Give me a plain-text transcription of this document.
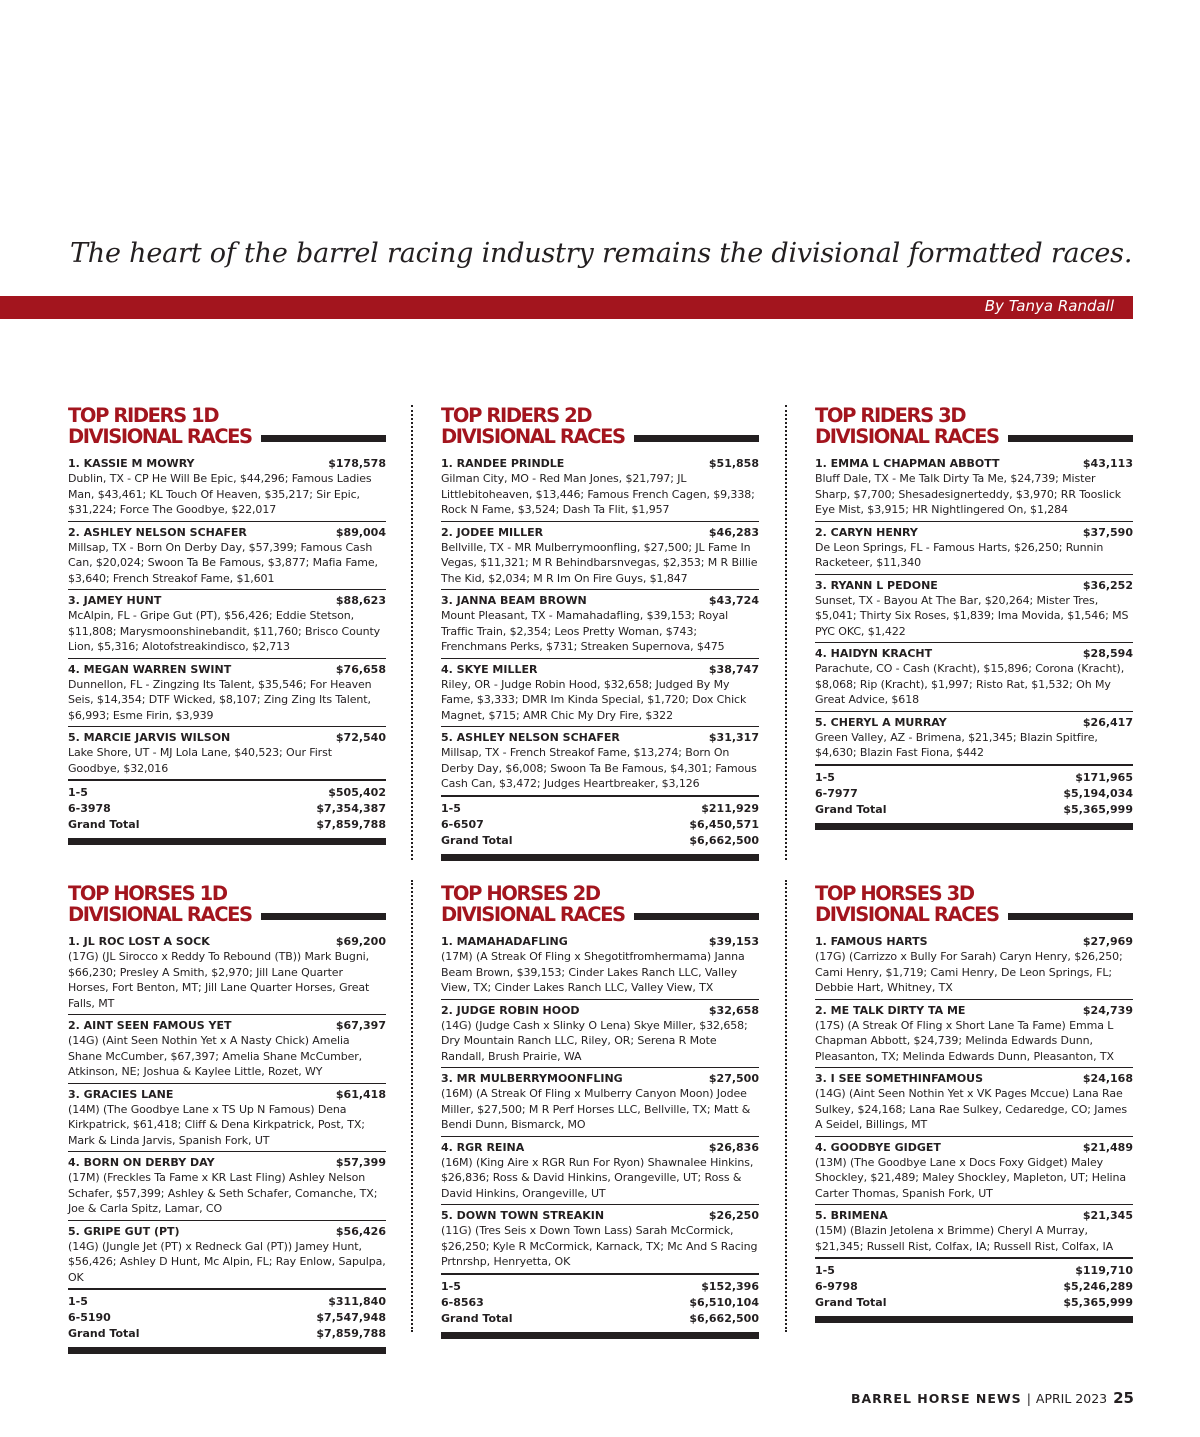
The heart of the barrel racing industry remains the divisional formatted races.
By Tanya Randall
TOP RIDERS 1D
DIVISIONAL RACES
1. KASSIE M MOWRY	$178,578
Dublin, TX - CP He Will Be Epic, $44,296; Famous Ladies Man, $43,461; KL Touch Of Heaven, $35,217; Sir Epic, $31,224; Force The Goodbye, $22,017
2. ASHLEY NELSON SCHAFER	$89,004
Millsap, TX - Born On Derby Day, $57,399; Famous Cash Can, $20,024; Swoon Ta Be Famous, $3,877; Mafia Fame, $3,640; French Streakof Fame, $1,601
3. JAMEY HUNT	$88,623
McAlpin, FL - Gripe Gut (PT), $56,426; Eddie Stetson, $11,808; Marysmoonshinebandit, $11,760; Brisco County Lion, $5,316; Alotofstreakindisco, $2,713
4. MEGAN WARREN SWINT	$76,658
Dunnellon, FL - Zingzing Its Talent, $35,546; For Heaven Seis, $14,354; DTF Wicked, $8,107; Zing Zing Its Talent, $6,993; Esme Firin, $3,939
5. MARCIE JARVIS WILSON	$72,540
Lake Shore, UT - MJ Lola Lane, $40,523; Our First Goodbye, $32,016
1-5	$505,402
6-3978	$7,354,387
Grand Total	$7,859,788
TOP RIDERS 2D
DIVISIONAL RACES
1. RANDEE PRINDLE	$51,858
Gilman City, MO - Red Man Jones, $21,797; JL Littlebitoheaven, $13,446; Famous French Cagen, $9,338; Rock N Fame, $3,524; Dash Ta Flit, $1,957
2. JODEE MILLER	$46,283
Bellville, TX - MR Mulberrymoonfling, $27,500; JL Fame In Vegas, $11,321; M R Behindbarsnvegas, $2,353; M R Billie The Kid, $2,034; M R Im On Fire Guys, $1,847
3. JANNA BEAM BROWN	$43,724
Mount Pleasant, TX - Mamahadafling, $39,153; Royal Traffic Train, $2,354; Leos Pretty Woman, $743; Frenchmans Perks, $731; Streaken Supernova, $475
4. SKYE MILLER	$38,747
Riley, OR - Judge Robin Hood, $32,658; Judged By My Fame, $3,333; DMR Im Kinda Special, $1,720; Dox Chick Magnet, $715; AMR Chic My Dry Fire, $322
5. ASHLEY NELSON SCHAFER	$31,317
Millsap, TX - French Streakof Fame, $13,274; Born On Derby Day, $6,008; Swoon Ta Be Famous, $4,301; Famous Cash Can, $3,472; Judges Heartbreaker, $3,126
1-5	$211,929
6-6507	$6,450,571
Grand Total	$6,662,500
TOP RIDERS 3D
DIVISIONAL RACES
1. EMMA L CHAPMAN ABBOTT	$43,113
Bluff Dale, TX - Me Talk Dirty Ta Me, $24,739; Mister Sharp, $7,700; Shesadesignerteddy, $3,970; RR Tooslick Eye Mist, $3,915; HR Nightlingered On, $1,284
2. CARYN HENRY	$37,590
De Leon Springs, FL - Famous Harts, $26,250; Runnin Racketeer, $11,340
3. RYANN L PEDONE	$36,252
Sunset, TX - Bayou At The Bar, $20,264; Mister Tres, $5,041; Thirty Six Roses, $1,839; Ima Movida, $1,546; MS PYC OKC, $1,422
4. HAIDYN KRACHT	$28,594
Parachute, CO - Cash (Kracht), $15,896; Corona (Kracht), $8,068; Rip (Kracht), $1,997; Risto Rat, $1,532; Oh My Great Advice, $618
5. CHERYL A MURRAY	$26,417
Green Valley, AZ - Brimena, $21,345; Blazin Spitfire, $4,630; Blazin Fast Fiona, $442
1-5	$171,965
6-7977	$5,194,034
Grand Total	$5,365,999
TOP HORSES 1D
DIVISIONAL RACES
1. JL ROC LOST A SOCK	$69,200
(17G) (JL Sirocco x Reddy To Rebound (TB)) Mark Bugni, $66,230; Presley A Smith, $2,970; Jill Lane Quarter Horses, Fort Benton, MT; Jill Lane Quarter Horses, Great Falls, MT
2. AINT SEEN FAMOUS YET	$67,397
(14G) (Aint Seen Nothin Yet x A Nasty Chick) Amelia Shane McCumber, $67,397; Amelia Shane McCumber, Atkinson, NE; Joshua & Kaylee Little, Rozet, WY
3. GRACIES LANE	$61,418
(14M) (The Goodbye Lane x TS Up N Famous) Dena Kirkpatrick, $61,418; Cliff & Dena Kirkpatrick, Post, TX; Mark & Linda Jarvis, Spanish Fork, UT
4. BORN ON DERBY DAY	$57,399
(17M) (Freckles Ta Fame x KR Last Fling) Ashley Nelson Schafer, $57,399; Ashley & Seth Schafer, Comanche, TX; Joe & Carla Spitz, Lamar, CO
5. GRIPE GUT (PT)	$56,426
(14G) (Jungle Jet (PT) x Redneck Gal (PT)) Jamey Hunt, $56,426; Ashley D Hunt, Mc Alpin, FL; Ray Enlow, Sapulpa, OK
1-5	$311,840
6-5190	$7,547,948
Grand Total	$7,859,788
TOP HORSES 2D
DIVISIONAL RACES
1. MAMAHADAFLING	$39,153
(17M) (A Streak Of Fling x Shegotitfromhermama) Janna Beam Brown, $39,153; Cinder Lakes Ranch LLC, Valley View, TX; Cinder Lakes Ranch LLC, Valley View, TX
2. JUDGE ROBIN HOOD	$32,658
(14G) (Judge Cash x Slinky O Lena) Skye Miller, $32,658; Dry Mountain Ranch LLC, Riley, OR; Serena R Mote Randall, Brush Prairie, WA
3. MR MULBERRYMOONFLING	$27,500
(16M) (A Streak Of Fling x Mulberry Canyon Moon) Jodee Miller, $27,500; M R Perf Horses LLC, Bellville, TX; Matt & Bendi Dunn, Bismarck, MO
4. RGR REINA	$26,836
(16M) (King Aire x RGR Run For Ryon) Shawnalee Hinkins, $26,836; Ross & David Hinkins, Orangeville, UT; Ross & David Hinkins, Orangeville, UT
5. DOWN TOWN STREAKIN	$26,250
(11G) (Tres Seis x Down Town Lass) Sarah McCormick, $26,250; Kyle R McCormick, Karnack, TX; Mc And S Racing Prtnrshp, Henryetta, OK
1-5	$152,396
6-8563	$6,510,104
Grand Total	$6,662,500
TOP HORSES 3D
DIVISIONAL RACES
1. FAMOUS HARTS	$27,969
(17G) (Carrizzo x Bully For Sarah) Caryn Henry, $26,250; Cami Henry, $1,719; Cami Henry, De Leon Springs, FL; Debbie Hart, Whitney, TX
2. ME TALK DIRTY TA ME	$24,739
(17S) (A Streak Of Fling x Short Lane Ta Fame) Emma L Chapman Abbott, $24,739; Melinda Edwards Dunn, Pleasanton, TX; Melinda Edwards Dunn, Pleasanton, TX
3. I SEE SOMETHINFAMOUS	$24,168
(14G) (Aint Seen Nothin Yet x VK Pages Mccue) Lana Rae Sulkey, $24,168; Lana Rae Sulkey, Cedaredge, CO; James A Seidel, Billings, MT
4. GOODBYE GIDGET	$21,489
(13M) (The Goodbye Lane x Docs Foxy Gidget) Maley Shockley, $21,489; Maley Shockley, Mapleton, UT; Helina Carter Thomas, Spanish Fork, UT
5. BRIMENA	$21,345
(15M) (Blazin Jetolena x Brimme) Cheryl A Murray, $21,345; Russell Rist, Colfax, IA; Russell Rist, Colfax, IA
1-5	$119,710
6-9798	$5,246,289
Grand Total	$5,365,999
BARREL HORSE NEWS | APRIL 2023 25
